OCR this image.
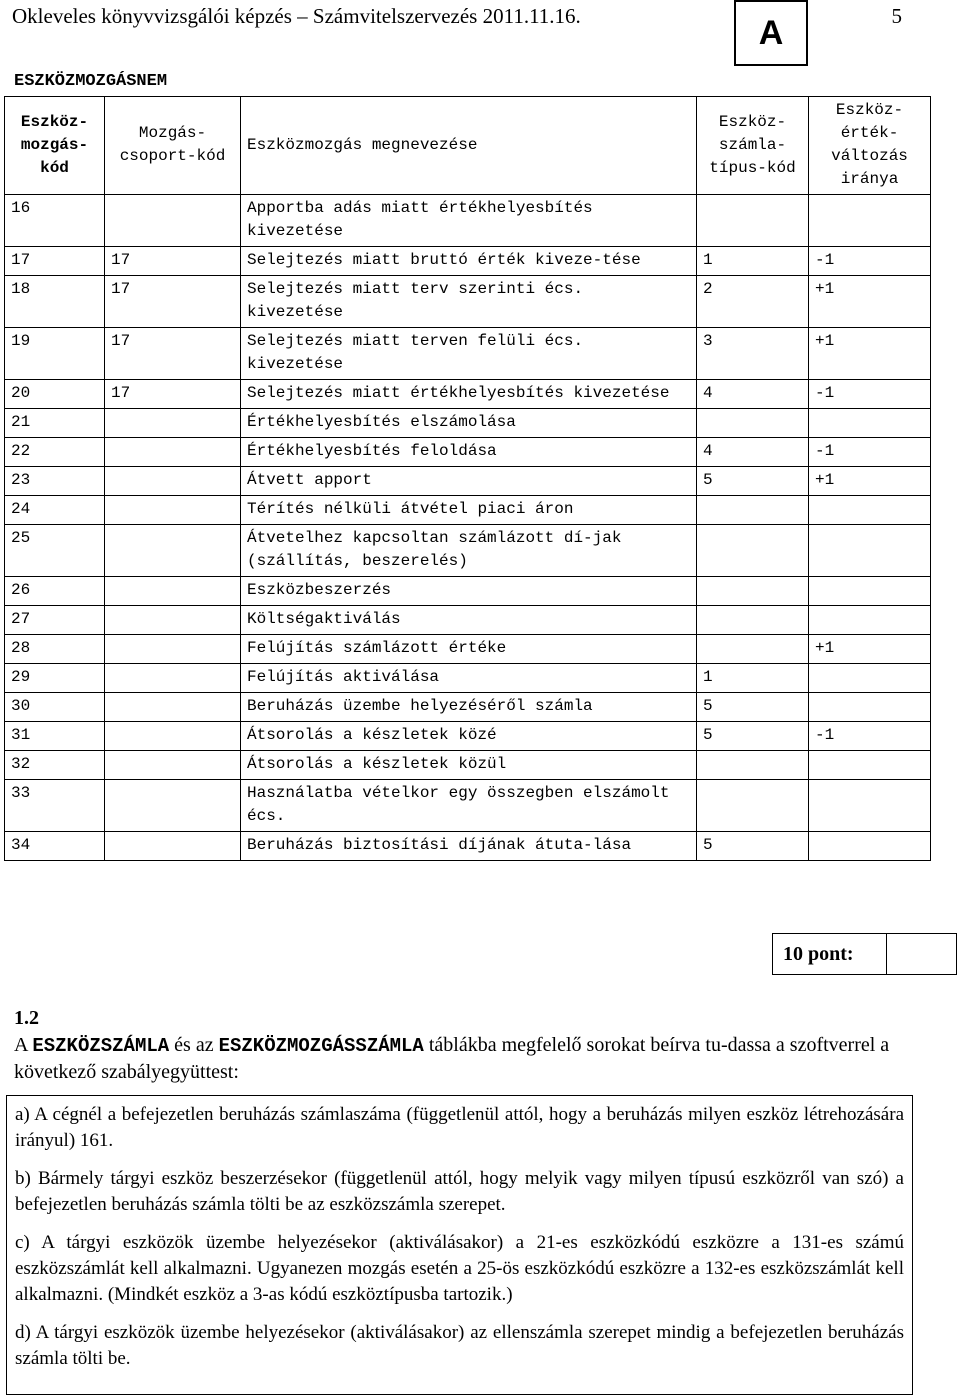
Okleveles könyvvizsgálói képzés – Számvitelszervezés 2011.11.16.	5
A
ESZKÖZMOZGÁSNEM
Eszköz-mozgás-kód	Mozgás-csoport-kód	Eszközmozgás megnevezése	Eszköz-számla-típus-kód	Eszköz-érték-változás iránya
16		Apportba adás miatt értékhelyesbítés kivezetése		
17	17	Selejtezés miatt bruttó érték kiveze-tése	1	-1
18	17	Selejtezés miatt terv szerinti écs. kivezetése	2	+1
19	17	Selejtezés miatt terven felüli écs. kivezetése	3	+1
20	17	Selejtezés miatt értékhelyesbítés kivezetése	4	-1
21		Értékhelyesbítés elszámolása		
22		Értékhelyesbítés feloldása	4	-1
23		Átvett apport	5	+1
24		Térítés nélküli átvétel piaci áron		
25		Átvetelhez kapcsoltan számlázott dí-jak (szállítás, beszerelés)		
26		Eszközbeszerzés		
27		Költségaktiválás		
28		Felújítás számlázott értéke		+1
29		Felújítás aktiválása	1	
30		Beruházás üzembe helyezéséről számla	5	
31		Átsorolás a készletek közé	5	-1
32		Átsorolás a készletek közül		
33		Használatba vételkor egy összegben elszámolt écs.		
34		Beruházás biztosítási díjának átuta-lása	5	
10 pont:
1.2
A ESZKÖZSZÁMLA és az ESZKÖZMOZGÁSSZÁMLA táblákba megfelelő sorokat beírva tu-dassa a szoftverrel a következő szabályegyüttest:

a) A cégnél a befejezetlen beruházás számlaszáma (függetlenül attól, hogy a beruházás milyen eszköz létrehozására irányul) 161.

b) Bármely tárgyi eszköz beszerzésekor (függetlenül attól, hogy melyik vagy milyen típusú eszközről van szó) a befejezetlen beruházás számla tölti be az eszközszámla szerepet.

c) A tárgyi eszközök üzembe helyezésekor (aktiválásakor) a 21-es eszközkódú eszközre a 131-es számú eszközszámlát kell alkalmazni. Ugyanezen mozgás esetén a 25-ös eszközkódú eszközre a 132-es eszközszámlát kell alkalmazni. (Mindkét eszköz a 3-as kódú eszköztípusba tartozik.)

d) A tárgyi eszközök üzembe helyezésekor (aktiválásakor) az ellenszámla szerepet mindig a befejezetlen beruházás számla tölti be.
